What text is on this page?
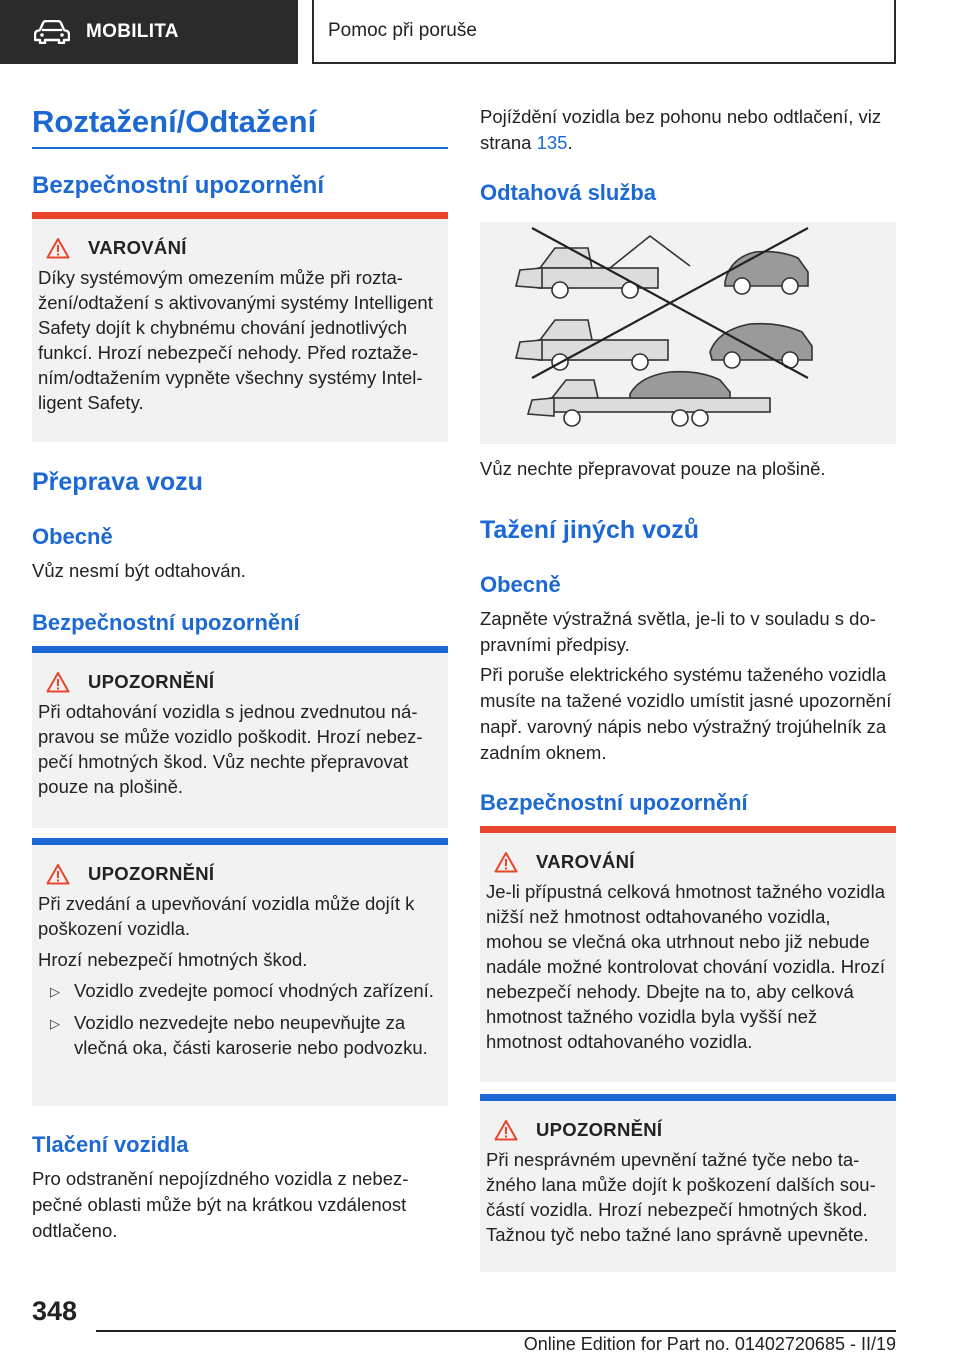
MOBILITA	Pomoc při poruše
Roztažení/Odtažení
Bezpečnostní upozornění
VAROVÁNÍ
Díky systémovým omezením může při roztažení/odtažení s aktivovanými systémy Intelligent Safety dojít k chybnému chování jednotlivých funkcí. Hrozí nebezpečí nehody. Před roztažením/odtažením vypněte všechny systémy Intelligent Safety.
Přeprava vozu
Obecně
Vůz nesmí být odtahován.
Bezpečnostní upozornění
UPOZORNĚNÍ
Při odtahování vozidla s jednou zvednutou nápravou se může vozidlo poškodit. Hrozí nebezpečí hmotných škod. Vůz nechte přepravovat pouze na plošině.
UPOZORNĚNÍ
Při zvedání a upevňování vozidla může dojít k poškození vozidla.
Hrozí nebezpečí hmotných škod.
▷ Vozidlo zvedejte pomocí vhodných zařízení.
▷ Vozidlo nezvedejte nebo neupevňujte za vlečná oka, části karoserie nebo podvozku.
Tlačení vozidla
Pro odstranění nepojízdného vozidla z nebezpečné oblasti může být na krátkou vzdálenost odtlačeno.
Pojíždění vozidla bez pohonu nebo odtlačení, viz strana 135.
Odtahová služba
Vůz nechte přepravovat pouze na plošině.
Tažení jiných vozů
Obecně
Zapněte výstražná světla, je-li to v souladu s dopravními předpisy.
Při poruše elektrického systému taženého vozidla musíte na tažené vozidlo umístit jasné upozornění např. varovný nápis nebo výstražný trojúhelník za zadním oknem.
Bezpečnostní upozornění
VAROVÁNÍ
Je-li přípustná celková hmotnost tažného vozidla nižší než hmotnost odtahovaného vozidla, mohou se vlečná oka utrhnout nebo již nebude nadále možné kontrolovat chování vozidla. Hrozí nebezpečí nehody. Dbejte na to, aby celková hmotnost tažného vozidla byla vyšší než hmotnost odtahovaného vozidla.
UPOZORNĚNÍ
Při nesprávném upevnění tažné tyče nebo tažného lana může dojít k poškození dalších součástí vozidla. Hrozí nebezpečí hmotných škod. Tažnou tyč nebo tažné lano správně upevněte.
348
Online Edition for Part no. 01402720685 - II/19
